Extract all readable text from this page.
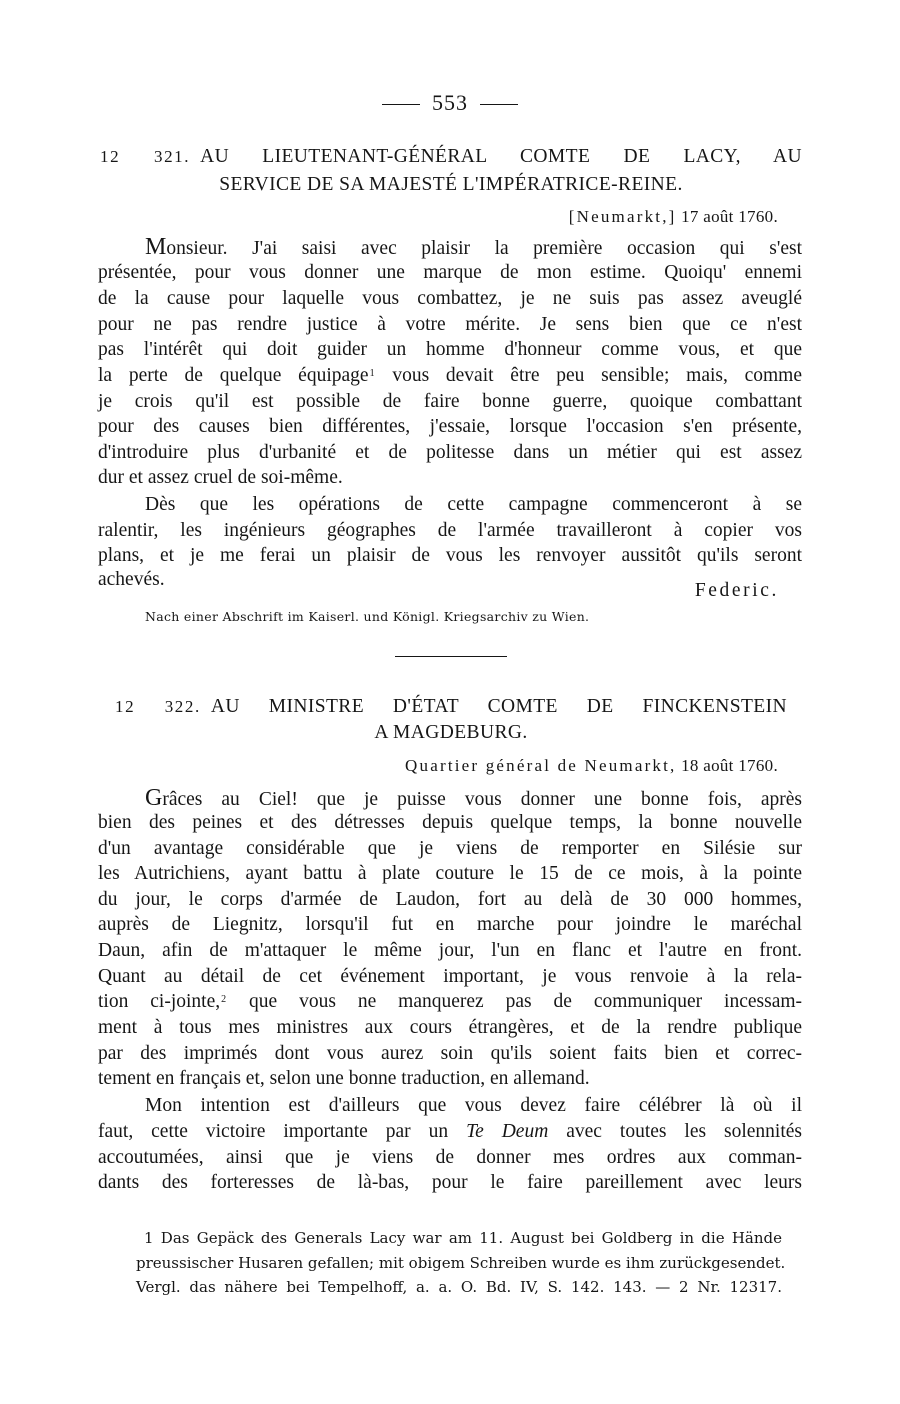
553
12 321. AU LIEUTENANT-GÉNÉRAL COMTE DE LACY, AU
SERVICE DE SA MAJESTÉ L'IMPÉRATRICE-REINE.
[Neumarkt,] 17 août 1760.
Monsieur. J'ai saisi avec plaisir la première occasion qui s'est
présentée, pour vous donner une marque de mon estime. Quoiqu' ennemi
de la cause pour laquelle vous combattez, je ne suis pas assez aveuglé
pour ne pas rendre justice à votre mérite. Je sens bien que ce n'est
pas l'intérêt qui doit guider un homme d'honneur comme vous, et que
la perte de quelque équipage$^1$ vous devait être peu sensible; mais, comme
je crois qu'il est possible de faire bonne guerre, quoique combattant
pour des causes bien différentes, j'essaie, lorsque l'occasion s'en présente,
d'introduire plus d'urbanité et de politesse dans un métier qui est assez
dur et assez cruel de soi-même.
Dès que les opérations de cette campagne commenceront à se
ralentir, les ingénieurs géographes de l'armée travailleront à copier vos
plans, et je me ferai un plaisir de vous les renvoyer aussitôt qu'ils seront
achevés.
Federic.
Nach einer Abschrift im Kaiserl. und Königl. Kriegsarchiv zu Wien.
12 322. AU MINISTRE D'ÉTAT COMTE DE FINCKENSTEIN
A MAGDEBURG.
Quartier général de Neumarkt, 18 août 1760.
Grâces au Ciel! que je puisse vous donner une bonne fois, après
bien des peines et des détresses depuis quelque temps, la bonne nouvelle
d'un avantage considérable que je viens de remporter en Silésie sur
les Autrichiens, ayant battu à plate couture le 15 de ce mois, à la pointe
du jour, le corps d'armée de Laudon, fort au delà de 30 000 hommes,
auprès de Liegnitz, lorsqu'il fut en marche pour joindre le maréchal
Daun, afin de m'attaquer le même jour, l'un en flanc et l'autre en front.
Quant au détail de cet événement important, je vous renvoie à la rela-
tion ci-jointe,$^2$ que vous ne manquerez pas de communiquer incessam-
ment à tous mes ministres aux cours étrangères, et de la rendre publique
par des imprimés dont vous aurez soin qu'ils soient faits bien et correc-
tement en français et, selon une bonne traduction, en allemand.
Mon intention est d'ailleurs que vous devez faire célébrer là où il
faut, cette victoire importante par un Te Deum avec toutes les solennités
accoutumées, ainsi que je viens de donner mes ordres aux comman-
dants des forteresses de là-bas, pour le faire pareillement avec leurs
1 Das Gepäck des Generals Lacy war am 11. August bei Goldberg in die Hände
preussischer Husaren gefallen; mit obigem Schreiben wurde es ihm zurückgesendet.
Vergl. das nähere bei Tempelhoff, a. a. O. Bd. IV, S. 142. 143. — 2 Nr. 12317.
